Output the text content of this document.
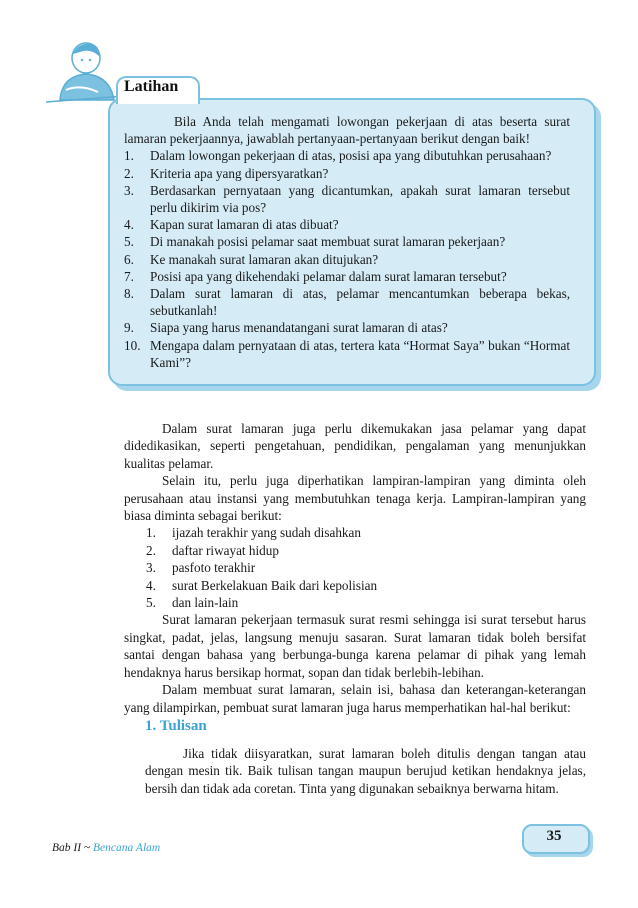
Latihan

Bila Anda telah mengamati lowongan pekerjaan di atas beserta surat lamaran pekerjaannya, jawablah pertanyaan-pertanyaan berikut dengan baik!

1.	Dalam lowongan pekerjaan di atas, posisi apa yang dibutuhkan perusahaan?
2.	Kriteria apa yang dipersyaratkan?
3.	Berdasarkan pernyataan yang dicantumkan, apakah surat lamaran tersebut perlu dikirim via pos?
4.	Kapan surat lamaran di atas dibuat?
5.	Di manakah posisi pelamar saat membuat surat lamaran pekerjaan?
6.	Ke manakah surat lamaran akan ditujukan?
7.	Posisi apa yang dikehendaki pelamar dalam surat lamaran tersebut?
8.	Dalam surat lamaran di atas, pelamar mencantumkan beberapa bekas, sebutkanlah!
9.	Siapa yang harus menandatangani surat lamaran di atas?
10. Mengapa dalam pernyataan di atas, tertera kata “Hormat Saya” bukan “Hormat Kami”?

Dalam surat lamaran juga perlu dikemukakan jasa pelamar yang dapat didedikasikan, seperti pengetahuan, pendidikan, pengalaman yang menunjukkan kualitas pelamar.

Selain itu, perlu juga diperhatikan lampiran-lampiran yang diminta oleh perusahaan atau instansi yang membutuhkan tenaga kerja. Lampiran-lampiran yang biasa diminta sebagai berikut:

1.	ijazah terakhir yang sudah disahkan
2.	daftar riwayat hidup
3.	pasfoto terakhir
4.	surat Berkelakuan Baik dari kepolisian
5.	dan lain-lain

Surat lamaran pekerjaan termasuk surat resmi sehingga isi surat tersebut harus singkat, padat, jelas, langsung menuju sasaran. Surat lamaran tidak boleh bersifat santai dengan bahasa yang berbunga-bunga karena pelamar di pihak yang lemah hendaknya harus bersikap hormat, sopan dan tidak berlebih-lebihan.

Dalam membuat surat lamaran, selain isi, bahasa dan keterangan-keterangan yang dilampirkan, pembuat surat lamaran juga harus memperhatikan hal-hal berikut:

1. Tulisan

Jika tidak diisyaratkan, surat lamaran boleh ditulis dengan tangan atau dengan mesin tik. Baik tulisan tangan maupun berujud ketikan hendaknya jelas, bersih dan tidak ada coretan. Tinta yang digunakan sebaiknya berwarna hitam.

Bab II ~ Bencana Alam

35
